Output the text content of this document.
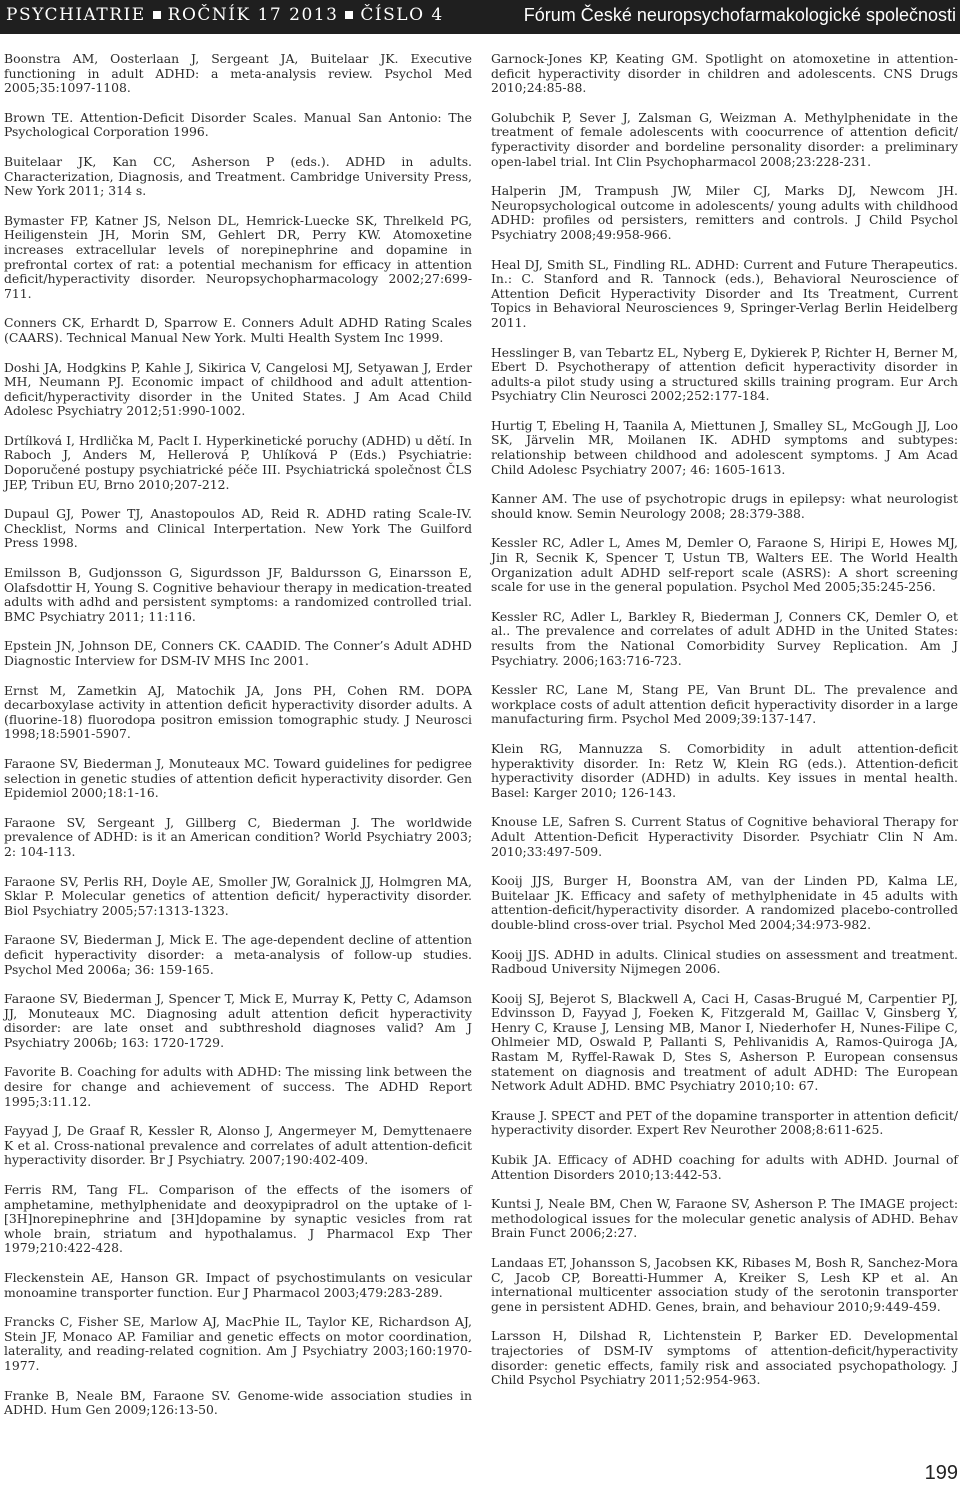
PSYCHIATRIE ROČNÍK 17 2013 ČÍSLO 4	Fórum České neuropsychofarmakologické společnosti

Boonstra AM, Oosterlaan J, Sergeant JA, Buitelaar JK. Executive functioning in adult ADHD: a meta-analysis review. Psychol Med 2005;35:1097-1108.

Brown TE. Attention-Deficit Disorder Scales. Manual San Antonio: The Psychological Corporation 1996.

Buitelaar JK, Kan CC, Asherson P (eds.). ADHD in adults. Characterization, Diagnosis, and Treatment. Cambridge University Press, New York 2011; 314 s.

Bymaster FP, Katner JS, Nelson DL, Hemrick-Luecke SK, Threlkeld PG, Heiligenstein JH, Morin SM, Gehlert DR, Perry KW. Atomoxetine increases extracellular levels of norepinephrine and dopamine in prefrontal cortex of rat: a potential mechanism for efficacy in attention deficit/hyperactivity disorder. Neuropsychopharmacology 2002;27:699-711.

Conners CK, Erhardt D, Sparrow E. Conners Adult ADHD Rating Scales (CAARS). Technical Manual New York. Multi Health System Inc 1999.

Doshi JA, Hodgkins P, Kahle J, Sikirica V, Cangelosi MJ, Setyawan J, Erder MH, Neumann PJ. Economic impact of childhood and adult attention-deficit/hyperactivity disorder in the United States. J Am Acad Child Adolesc Psychiatry 2012;51:990-1002.

Drtílková I, Hrdlička M, Paclt I. Hyperkinetické poruchy (ADHD) u dětí. In Raboch J, Anders M, Hellerová P, Uhlíková P (Eds.) Psychiatrie: Doporučené postupy psychiatrické péče III. Psychiatrická společnost ČLS JEP, Tribun EU, Brno 2010;207-212.

Dupaul GJ, Power TJ, Anastopoulos AD, Reid R. ADHD rating Scale-IV. Checklist, Norms and Clinical Interpertation. New York The Guilford Press 1998.

Emilsson B, Gudjonsson G, Sigurdsson JF, Baldursson G, Einarsson E, Olafsdottir H, Young S. Cognitive behaviour therapy in medication-treated adults with adhd and persistent symptoms: a randomized controlled trial. BMC Psychiatry 2011; 11:116.

Epstein JN, Johnson DE, Conners CK. CAADID. The Conner’s Adult ADHD Diagnostic Interview for DSM-IV MHS Inc 2001.

Ernst M, Zametkin AJ, Matochik JA, Jons PH, Cohen RM. DOPA decarboxylase activity in attention deficit hyperactivity disorder adults. A (fluorine-18) fluorodopa positron emission tomographic study. J Neurosci 1998;18:5901-5907.

Faraone SV, Biederman J, Monuteaux MC. Toward guidelines for pedigree selection in genetic studies of attention deficit hyperactivity disorder. Gen Epidemiol 2000;18:1-16.

Faraone SV, Sergeant J, Gillberg C, Biederman J. The worldwide prevalence of ADHD: is it an American condition? World Psychiatry 2003; 2: 104-113.

Faraone SV, Perlis RH, Doyle AE, Smoller JW, Goralnick JJ, Holmgren MA, Sklar P. Molecular genetics of attention deficit/ hyperactivity disorder. Biol Psychiatry 2005;57:1313-1323.

Faraone SV, Biederman J, Mick E. The age-dependent decline of attention deficit hyperactivity disorder: a meta-analysis of follow-up studies. Psychol Med 2006a; 36: 159-165.

Faraone SV, Biederman J, Spencer T, Mick E, Murray K, Petty C, Adamson JJ, Monuteaux MC. Diagnosing adult attention deficit hyperactivity disorder: are late onset and subthreshold diagnoses valid? Am J Psychiatry 2006b; 163: 1720-1729.

Favorite B. Coaching for adults with ADHD: The missing link between the desire for change and achievement of success. The ADHD Report 1995;3:11.12.

Fayyad J, De Graaf R, Kessler R, Alonso J, Angermeyer M, Demyttenaere K et al. Cross-national prevalence and correlates of adult attention-deficit hyperactivity disorder. Br J Psychiatry. 2007;190:402-409.

Ferris RM, Tang FL. Comparison of the effects of the isomers of amphetamine, methylphenidate and deoxypipradrol on the uptake of l- [3H]norepinephrine and [3H]dopamine by synaptic vesicles from rat whole brain, striatum and hypothalamus. J Pharmacol Exp Ther 1979;210:422-428.

Fleckenstein AE, Hanson GR. Impact of psychostimulants on vesicular monoamine transporter function. Eur J Pharmacol 2003;479:283-289.

Francks C, Fisher SE, Marlow AJ, MacPhie IL, Taylor KE, Richardson AJ, Stein JF, Monaco AP. Familiar and genetic effects on motor coordination, laterality, and reading-related cognition. Am J Psychiatry 2003;160:1970-1977.

Franke B, Neale BM, Faraone SV. Genome-wide association studies in ADHD. Hum Gen 2009;126:13-50.

Garnock-Jones KP, Keating GM. Spotlight on atomoxetine in attention-deficit hyperactivity disorder in children and adolescents. CNS Drugs 2010;24:85-88.

Golubchik P, Sever J, Zalsman G, Weizman A. Methylphenidate in the treatment of female adolescents with coocurrence of attention deficit/ fyperactivity disorder and bordeline personality disorder: a preliminary open-label trial. Int Clin Psychopharmacol 2008;23:228-231.

Halperin JM, Trampush JW, Miler CJ, Marks DJ, Newcom JH. Neuropsychological outcome in adolescents/ young adults with childhood ADHD: profiles od persisters, remitters and controls. J Child Psychol Psychiatry 2008;49:958-966.

Heal DJ, Smith SL, Findling RL. ADHD: Current and Future Therapeutics. In.: C. Stanford and R. Tannock (eds.), Behavioral Neuroscience of Attention Deficit Hyperactivity Disorder and Its Treatment, Current Topics in Behavioral Neurosciences 9, Springer-Verlag Berlin Heidelberg 2011.

Hesslinger B, van Tebartz EL, Nyberg E, Dykierek P, Richter H, Berner M, Ebert D. Psychotherapy of attention deficit hyperactivity disorder in adults-a pilot study using a structured skills training program. Eur Arch Psychiatry Clin Neurosci 2002;252:177-184.

Hurtig T, Ebeling H, Taanila A, Miettunen J, Smalley SL, McGough JJ, Loo SK, Järvelin MR, Moilanen IK. ADHD symptoms and subtypes: relationship between childhood and adolescent symptoms. J Am Acad Child Adolesc Psychiatry 2007; 46: 1605-1613.

Kanner AM. The use of psychotropic drugs in epilepsy: what neurologist should know. Semin Neurology 2008; 28:379-388.

Kessler RC, Adler L, Ames M, Demler O, Faraone S, Hiripi E, Howes MJ, Jin R, Secnik K, Spencer T, Ustun TB, Walters EE. The World Health Organization adult ADHD self-report scale (ASRS): A short screening scale for use in the general population. Psychol Med 2005;35:245-256.

Kessler RC, Adler L, Barkley R, Biederman J, Conners CK, Demler O, et al.. The prevalence and correlates of adult ADHD in the United States: results from the National Comorbidity Survey Replication. Am J Psychiatry. 2006;163:716-723.

Kessler RC, Lane M, Stang PE, Van Brunt DL. The prevalence and workplace costs of adult attention deficit hyperactivity disorder in a large manufacturing firm. Psychol Med 2009;39:137-147.

Klein RG, Mannuzza S. Comorbidity in adult attention-deficit hyperaktivity disorder. In: Retz W, Klein RG (eds.). Attention-deficit hyperactivity disorder (ADHD) in adults. Key issues in mental health. Basel: Karger 2010; 126-143.

Knouse LE, Safren S. Current Status of Cognitive behavioral Therapy for Adult Attention-Deficit Hyperactivity Disorder. Psychiatr Clin N Am. 2010;33:497-509.

Kooij JJS, Burger H, Boonstra AM, van der Linden PD, Kalma LE, Buitelaar JK. Efficacy and safety of methylphenidate in 45 adults with attention-deficit/hyperactivity disorder. A randomized placebo-controlled double-blind cross-over trial. Psychol Med 2004;34:973-982.

Kooij JJS. ADHD in adults. Clinical studies on assessment and treatment. Radboud University Nijmegen 2006.

Kooij SJ, Bejerot S, Blackwell A, Caci H, Casas-Brugué M, Carpentier PJ, Edvinsson D, Fayyad J, Foeken K, Fitzgerald M, Gaillac V, Ginsberg Y, Henry C, Krause J, Lensing MB, Manor I, Niederhofer H, Nunes-Filipe C, Ohlmeier MD, Oswald P, Pallanti S, Pehlivanidis A, Ramos-Quiroga JA, Rastam M, Ryffel-Rawak D, Stes S, Asherson P. European consensus statement on diagnosis and treatment of adult ADHD: The European Network Adult ADHD. BMC Psychiatry 2010;10: 67.

Krause J. SPECT and PET of the dopamine transporter in attention deficit/ hyperactivity disorder. Expert Rev Neurother 2008;8:611-625.

Kubik JA. Efficacy of ADHD coaching for adults with ADHD. Journal of Attention Disorders 2010;13:442-53.

Kuntsi J, Neale BM, Chen W, Faraone SV, Asherson P. The IMAGE project: methodological issues for the molecular genetic analysis of ADHD. Behav Brain Funct 2006;2:27.

Landaas ET, Johansson S, Jacobsen KK, Ribases M, Bosh R, Sanchez-Mora C, Jacob CP, Boreatti-Hummer A, Kreiker S, Lesh KP et al. An international multicenter association study of the serotonin transporter gene in persistent ADHD. Genes, brain, and behaviour 2010;9:449-459.

Larsson H, Dilshad R, Lichtenstein P, Barker ED. Developmental trajectories of DSM-IV symptoms of attention-deficit/hyperactivity disorder: genetic effects, family risk and associated psychopathology. J Child Psychol Psychiatry 2011;52:954-963.

199
